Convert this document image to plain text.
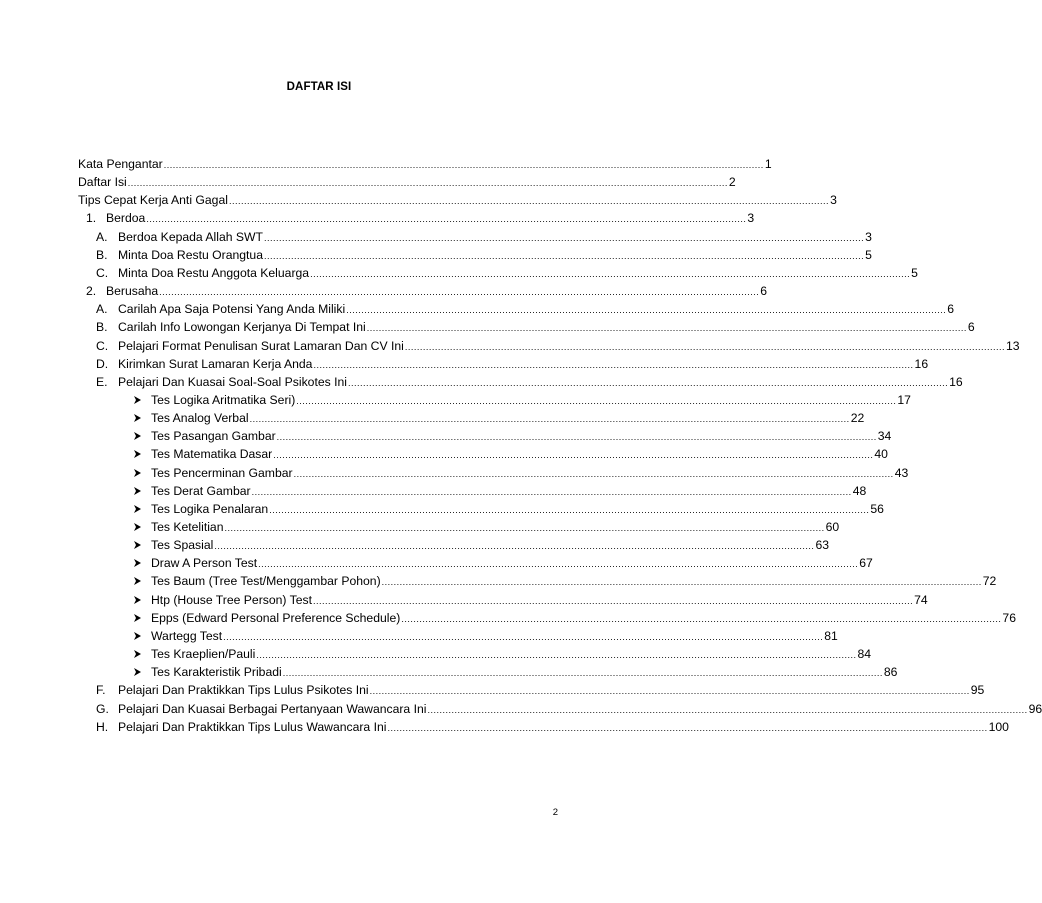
DAFTAR ISI
Kata Pengantar ........................................................................................................................................................................................................ 1
Daftar Isi ........................................................................................................................................................................................................ 2
Tips Cepat Kerja Anti Gagal ........................................................................................................................................................................................................ 3
1. Berdoa ........................................................................................................................................................................................................ 3
A. Berdoa Kepada Allah SWT ........................................................................................................................................................................................................ 3
B. Minta Doa Restu Orangtua ........................................................................................................................................................................................................ 5
C. Minta Doa Restu Anggota Keluarga ........................................................................................................................................................................................................ 5
2. Berusaha ........................................................................................................................................................................................................ 6
A. Carilah Apa Saja Potensi Yang Anda Miliki ........................................................................................................................................................................................................ 6
B. Carilah Info Lowongan Kerjanya Di Tempat Ini ........................................................................................................................................................................................................ 6
C. Pelajari Format Penulisan Surat Lamaran Dan CV Ini ........................................................................................................................................................................................................ 13
D. Kirimkan Surat Lamaran Kerja Anda ........................................................................................................................................................................................................ 16
E. Pelajari Dan Kuasai Soal-Soal Psikotes Ini ........................................................................................................................................................................................................ 16
Tes Logika Aritmatika Seri) ........................................................................................................................................................................................................ 17
Tes Analog Verbal ........................................................................................................................................................................................................ 22
Tes Pasangan Gambar ........................................................................................................................................................................................................ 34
Tes Matematika Dasar ........................................................................................................................................................................................................ 40
Tes Pencerminan Gambar ........................................................................................................................................................................................................ 43
Tes Derat Gambar ........................................................................................................................................................................................................ 48
Tes Logika Penalaran ........................................................................................................................................................................................................ 56
Tes Ketelitian ........................................................................................................................................................................................................ 60
Tes Spasial ........................................................................................................................................................................................................ 63
Draw A Person Test ........................................................................................................................................................................................................ 67
Tes Baum (Tree Test/Menggambar Pohon) ........................................................................................................................................................................................................ 72
Htp (House Tree Person) Test ........................................................................................................................................................................................................ 74
Epps (Edward Personal Preference Schedule) ........................................................................................................................................................................................................ 76
Wartegg Test ........................................................................................................................................................................................................ 81
Tes Kraeplien/Pauli ........................................................................................................................................................................................................ 84
Tes Karakteristik Pribadi ........................................................................................................................................................................................................ 86
F.	Pelajari Dan Praktikkan Tips Lulus Psikotes Ini ........................................................................................................................................................................................................ 95
G. Pelajari Dan Kuasai Berbagai Pertanyaan Wawancara Ini ........................................................................................................................................................................................................ 96
H. Pelajari Dan Praktikkan Tips Lulus Wawancara Ini ........................................................................................................................................................................................................ 100
2
